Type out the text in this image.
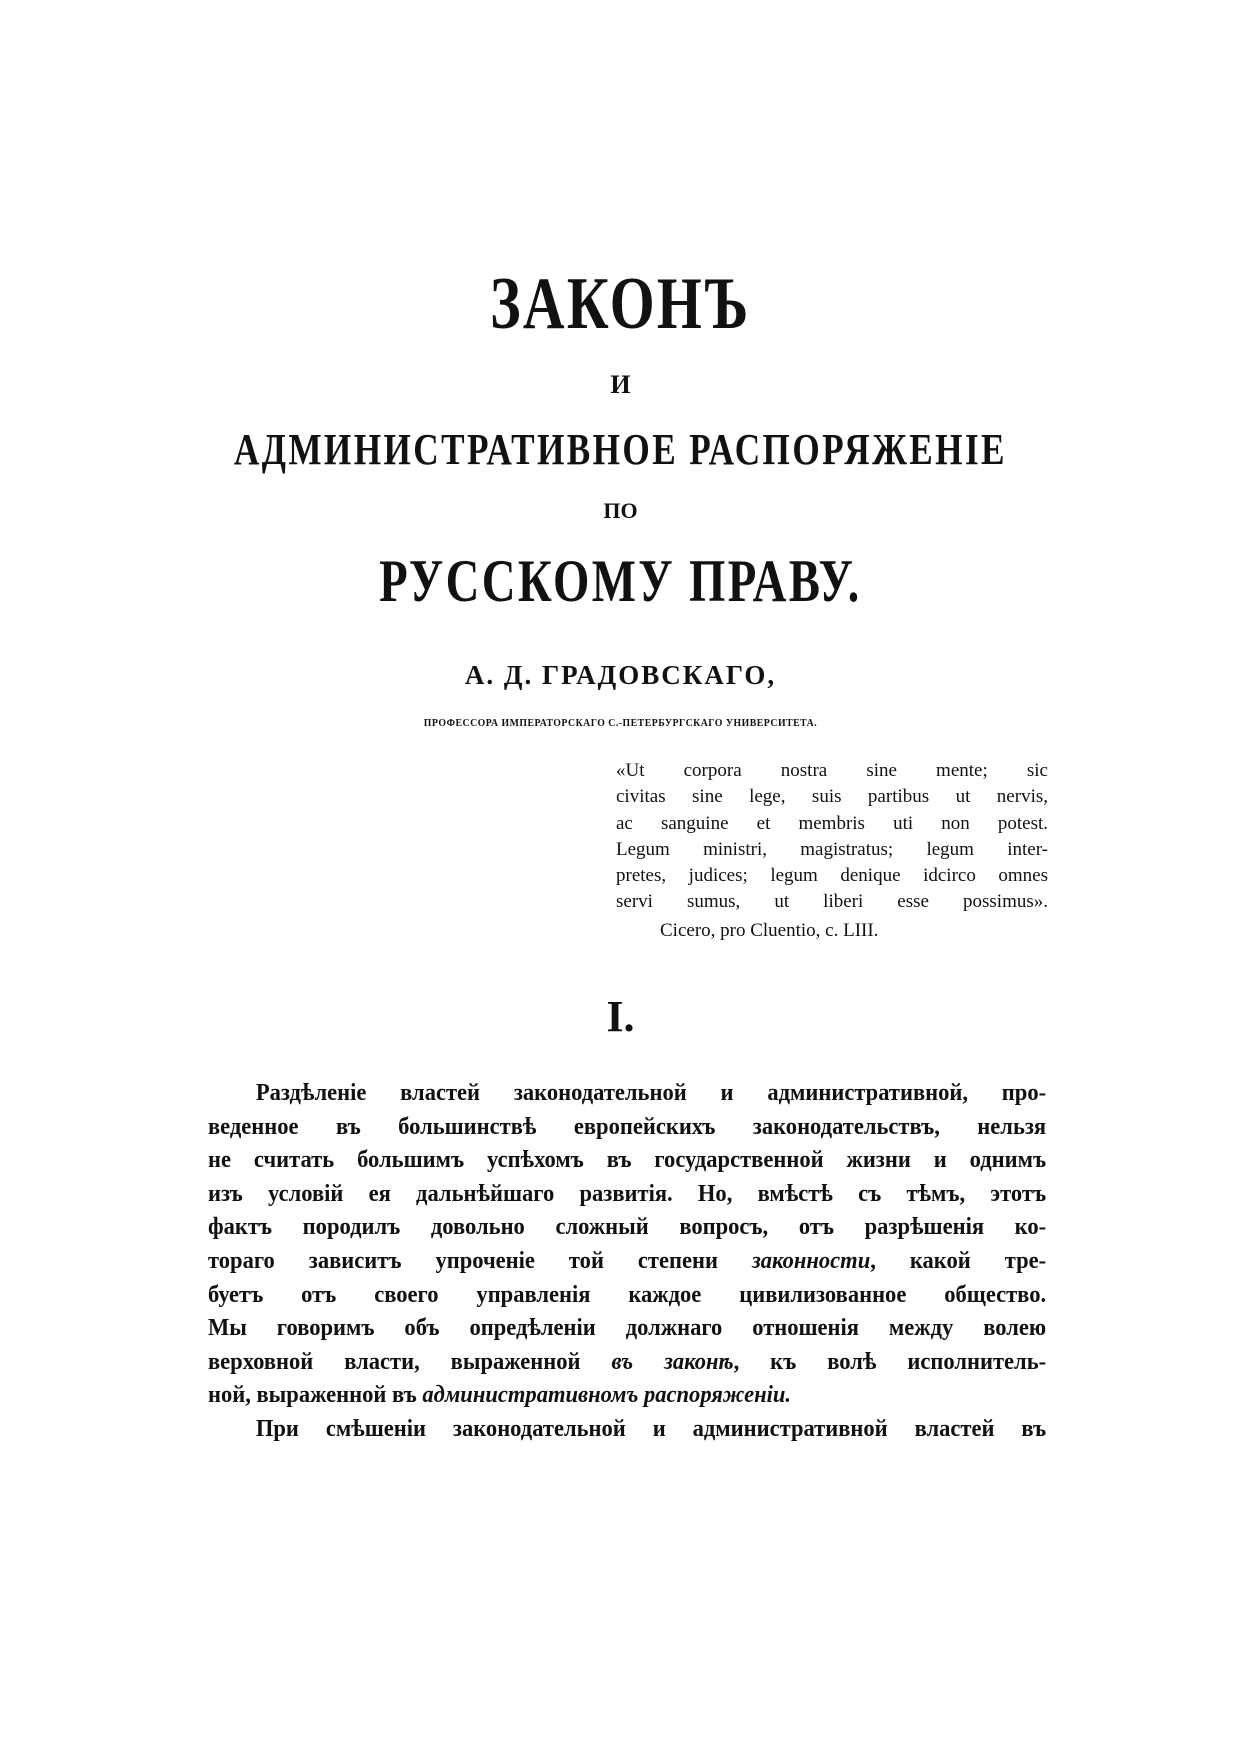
ЗАКОНЪ
И
АДМИНИСТРАТИВНОЕ РАСПОРЯЖЕНІЕ
ПО
РУССКОМУ ПРАВУ.
А. Д. ГРАДОВСКАГО,
ПРОФЕССОРА ИМПЕРАТОРСКАГО С.-ПЕТЕРБУРГСКАГО УНИВЕРСИТЕТА.
«Ut corpora nostra sine mente; sic
civitas sine lege, suis partibus ut nervis,
ac sanguine et membris uti non potest.
Legum ministri, magistratus; legum inter-
pretes, judices; legum denique idcirco omnes
servi sumus, ut liberi esse possimus».
Cicero, pro Cluentio, c. LIII.
I.
Раздѣленіе властей законодательной и административной, про-
веденное въ большинствѣ европейскихъ законодательствъ, нельзя
не считать большимъ успѣхомъ въ государственной жизни и однимъ
изъ условій ея дальнѣйшаго развитія. Но, вмѣстѣ съ тѣмъ, этотъ
фактъ породилъ довольно сложный вопросъ, отъ разрѣшенія ко-
тораго зависитъ упроченіе той степени законности, какой тре-
буетъ отъ своего управленія каждое цивилизованное общество.
Мы говоримъ объ опредѣленіи должнаго отношенія между волею
верховной власти, выраженной въ законѣ, къ волѣ исполнитель-
ной, выраженной въ административномъ распоряженіи.
При смѣшеніи законодательной и административной властей въ
